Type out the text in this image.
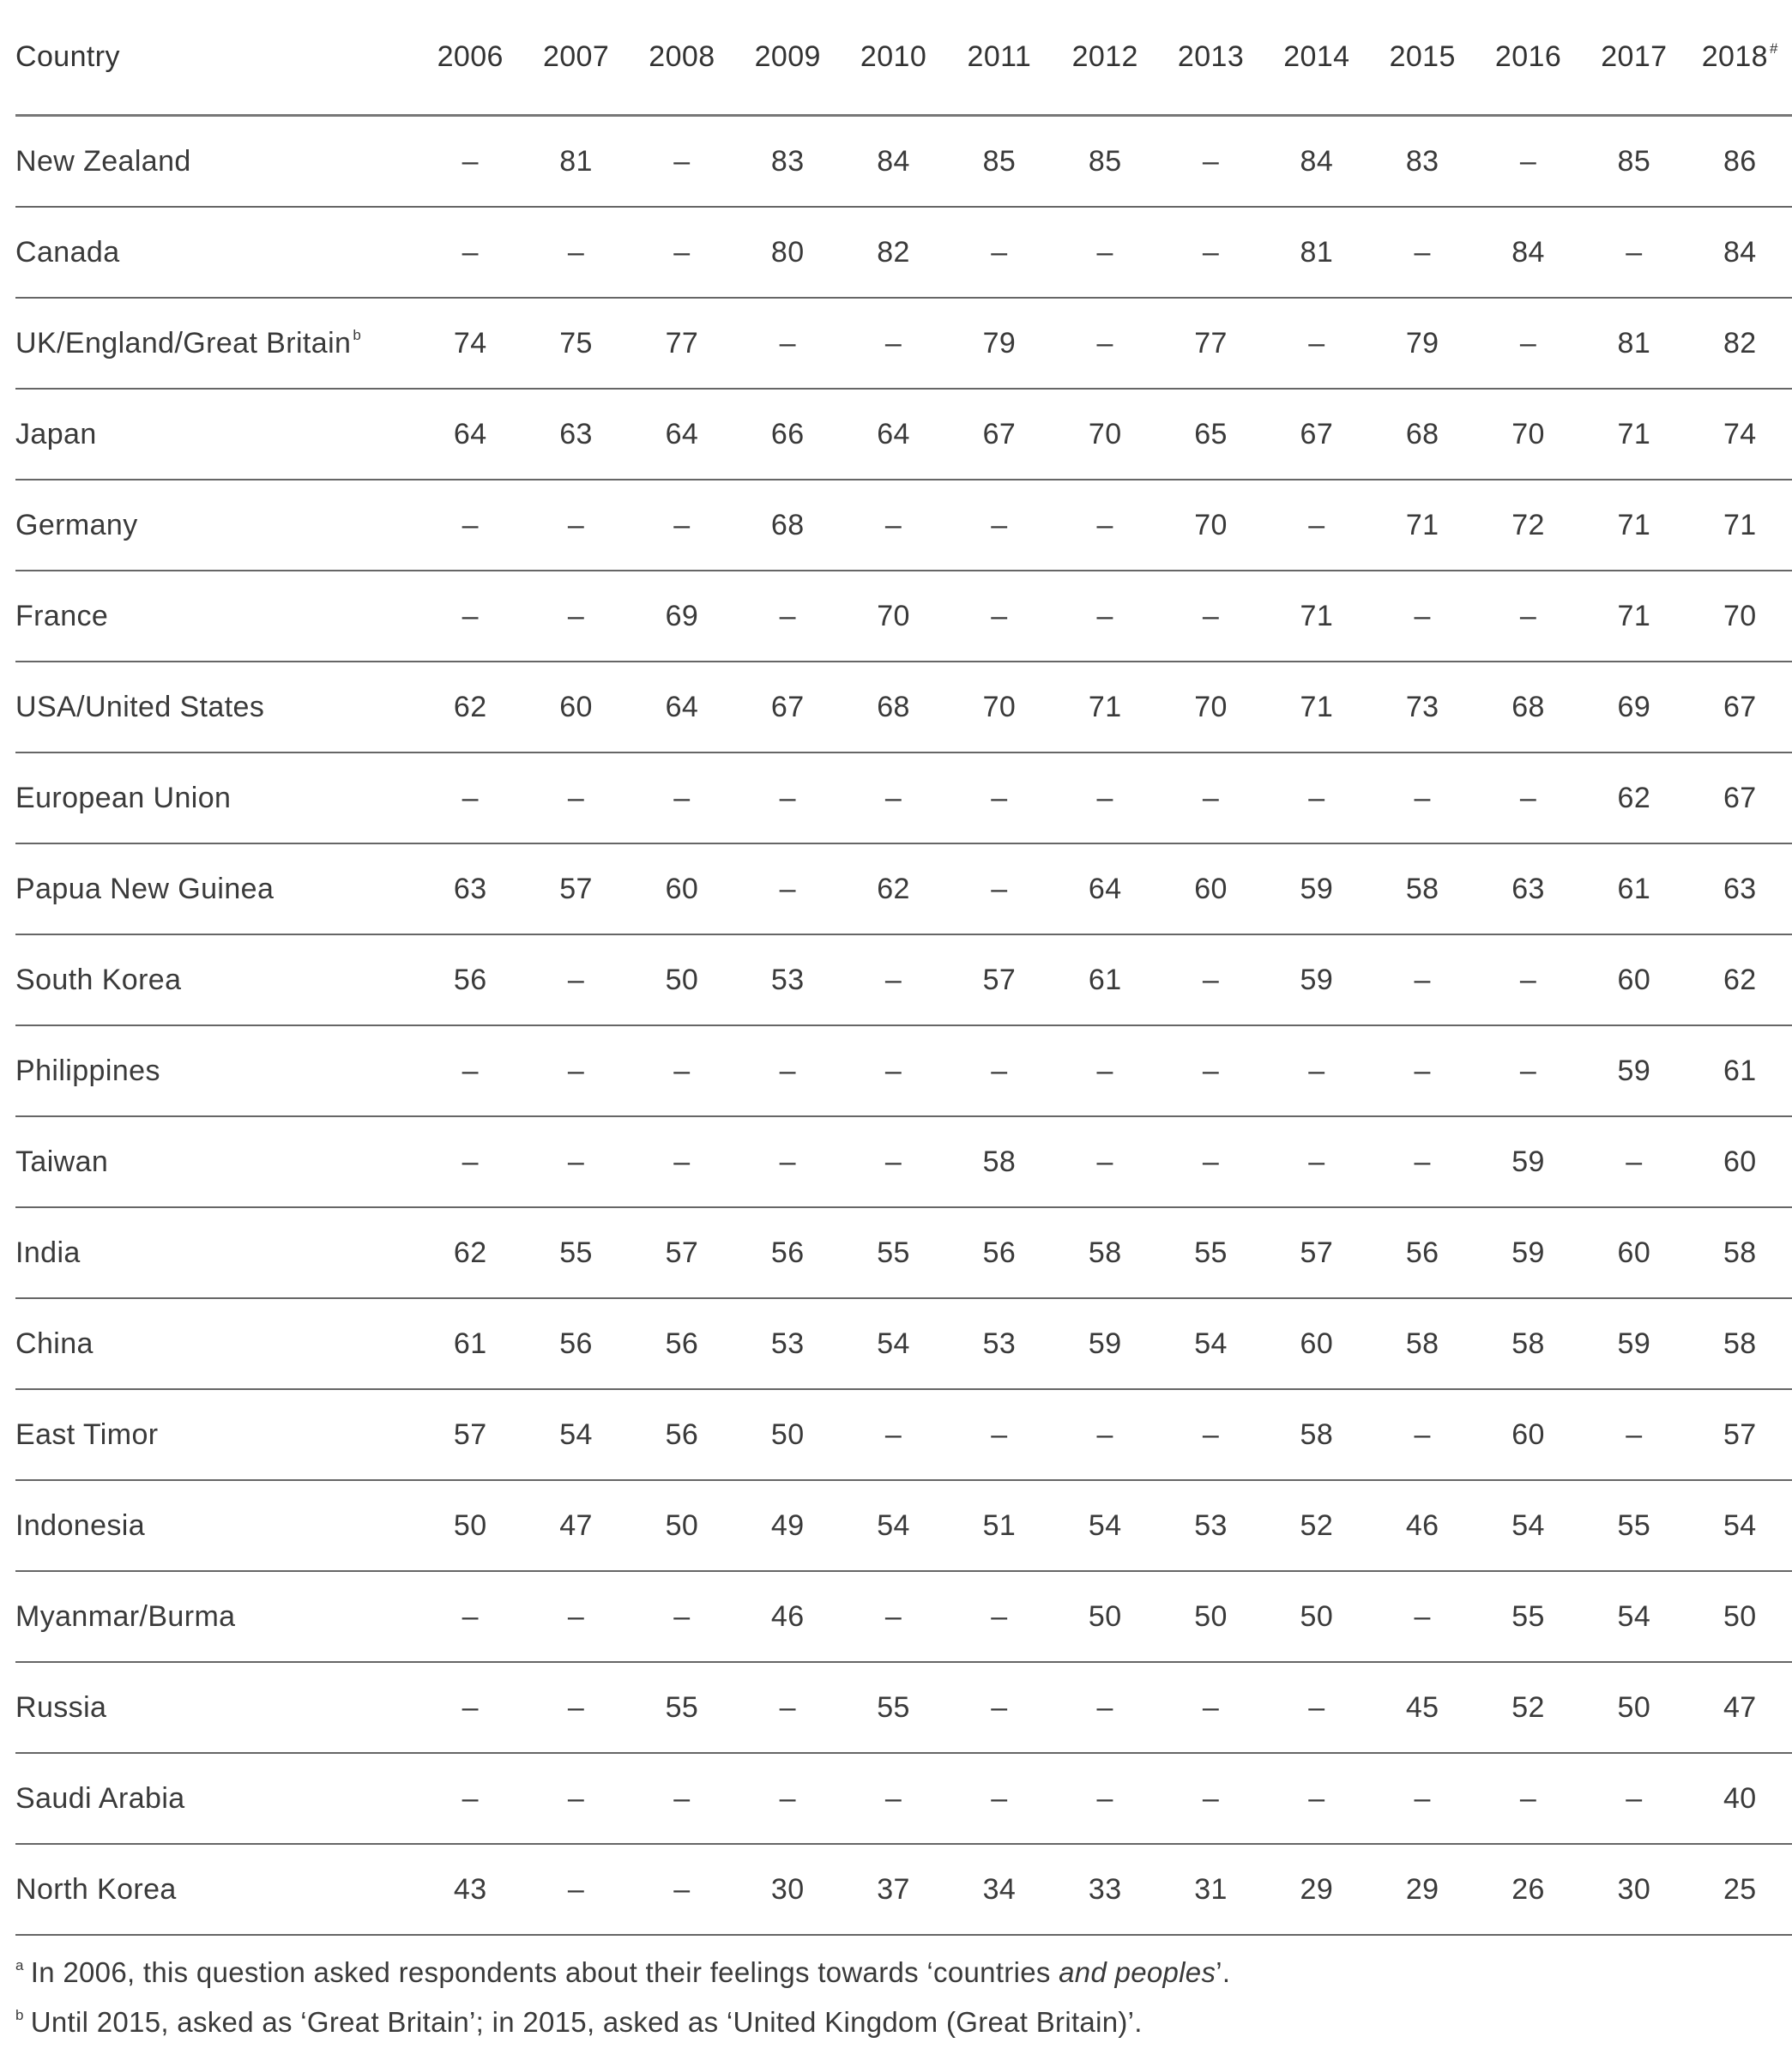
Country	2006	2007	2008	2009	2010	2011	2012	2013	2014	2015	2016	2017	2018 #
New Zealand	–	81	–	83	84	85	85	–	84	83	–	85	86
Canada	–	–	–	80	82	–	–	–	81	–	84	–	84
UK/England/Great Britain $^b$	74	75	77	–	–	79	–	77	–	79	–	81	82
Japan	64	63	64	66	64	67	70	65	67	68	70	71	74
Germany	–	–	–	68	–	–	–	70	–	71	72	71	71
France	–	–	69	–	70	–	–	–	71	–	–	71	70
USA/United States	62	60	64	67	68	70	71	70	71	73	68	69	67
European Union	–	–	–	–	–	–	–	–	–	–	–	62	67
Papua New Guinea	63	57	60	–	62	–	64	60	59	58	63	61	63
South Korea	56	–	50	53	–	57	61	–	59	–	–	60	62
Philippines	–	–	–	–	–	–	–	–	–	–	–	59	61
Taiwan	–	–	–	–	–	58	–	–	–	–	59	–	60
India	62	55	57	56	55	56	58	55	57	56	59	60	58
China	61	56	56	53	54	53	59	54	60	58	58	59	58
East Timor	57	54	56	50	–	–	–	–	58	–	60	–	57
Indonesia	50	47	50	49	54	51	54	53	52	46	54	55	54
Myanmar/Burma	–	–	–	46	–	–	50	50	50	–	55	54	50
Russia	–	–	55	–	55	–	–	–	–	45	52	50	47
Saudi Arabia	–	–	–	–	–	–	–	–	–	–	–	–	40
North Korea	43	–	–	30	37	34	33	31	29	29	26	30	25
$^a$ In 2006, this question asked respondents about their feelings towards ‘countries and peoples’.
$^b$ Until 2015, asked as ‘Great Britain’; in 2015, asked as ‘United Kingdom (Great Britain)’.
